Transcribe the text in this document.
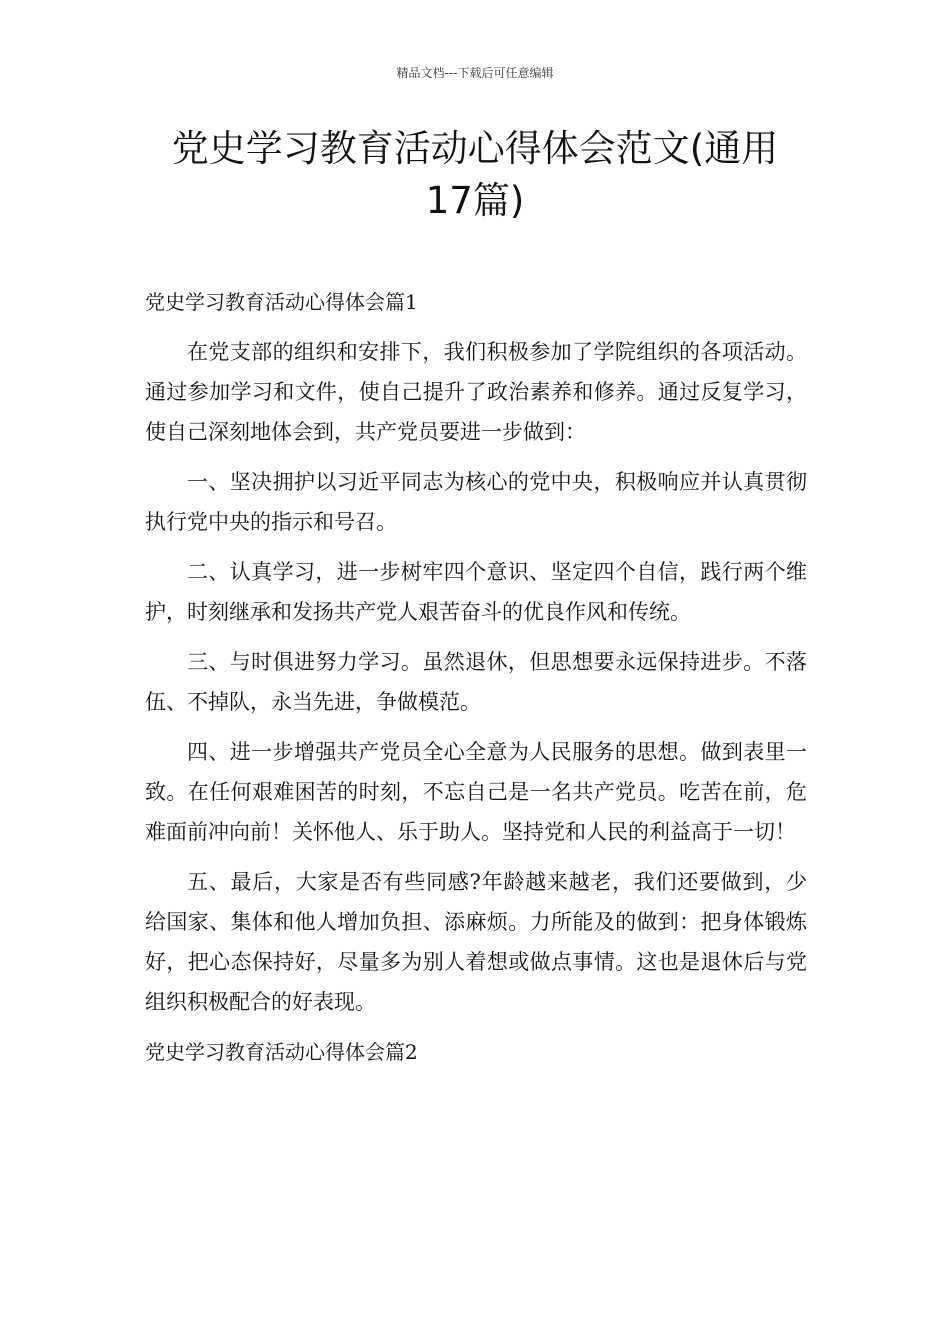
精品文档---下载后可任意编辑
党史学习教育活动心得体会范文(通用17篇)
党史学习教育活动心得体会篇1

在党支部的组织和安排下，我们积极参加了学院组织的各项活动。通过参加学习和文件，使自己提升了政治素养和修养。通过反复学习，使自己深刻地体会到，共产党员要进一步做到：

一、坚决拥护以习近平同志为核心的党中央，积极响应并认真贯彻执行党中央的指示和号召。

二、认真学习，进一步树牢四个意识、坚定四个自信，践行两个维护，时刻继承和发扬共产党人艰苦奋斗的优良作风和传统。

三、与时俱进努力学习。虽然退休，但思想要永远保持进步。不落伍、不掉队，永当先进，争做模范。

四、进一步增强共产党员全心全意为人民服务的思想。做到表里一致。在任何艰难困苦的时刻，不忘自己是一名共产党员。吃苦在前，危难面前冲向前！关怀他人、乐于助人。坚持党和人民的利益高于一切！

五、最后，大家是否有些同感?年龄越来越老，我们还要做到，少给国家、集体和他人增加负担、添麻烦。力所能及的做到：把身体锻炼好，把心态保持好，尽量多为别人着想或做点事情。这也是退休后与党组织积极配合的好表现。

党史学习教育活动心得体会篇2
